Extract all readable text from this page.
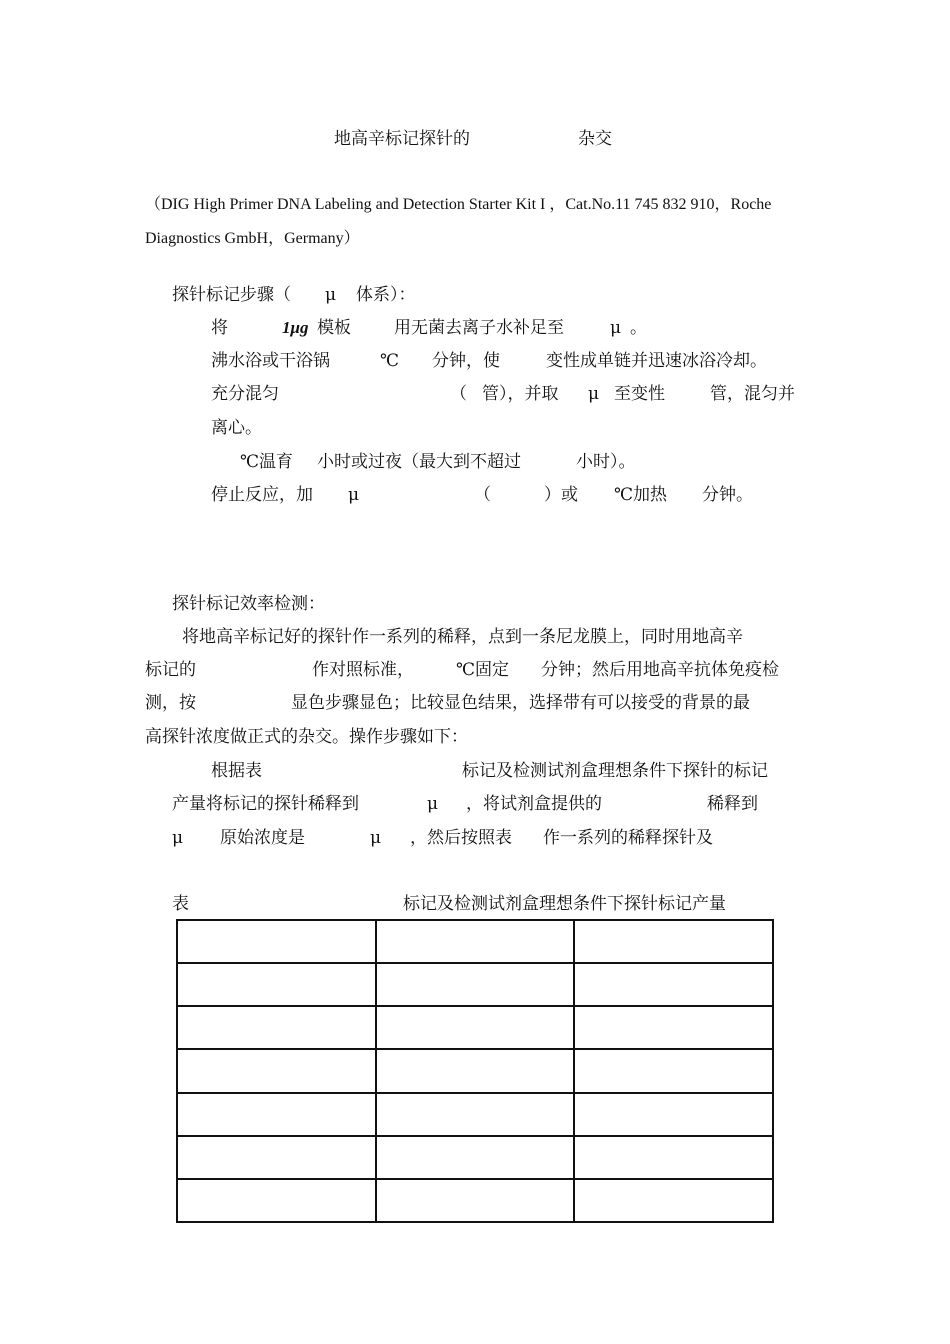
地高辛标记探针的	杂交
（DIG High Primer DNA Labeling and Detection Starter Kit I ，Cat.No.11 745 832 910，Roche
Diagnostics GmbH，Germany）
探针标记步骤（ μ 体系）：
将	1μg 模板	用无菌去离子水补足至	μ 。
沸水浴或干浴锅	℃ 分钟，使	变性成单链并迅速冰浴冷却。
充分混匀	（ 管），并取 μ 至变性	管，混匀并
离心。
℃温育 小时或过夜（最大到不超过	小时）。
停止反应，加 μ	（	）或 ℃加热 分钟。
探针标记效率检测：
将地高辛标记好的探针作一系列的稀释，点到一条尼龙膜上，同时用地高辛
标记的	作对照标准， ℃固定 分钟；然后用地高辛抗体免疫检
测，按	显色步骤显色；比较显色结果，选择带有可以接受的背景的最
高探针浓度做正式的杂交。操作步骤如下：
根据表	标记及检测试剂盒理想条件下探针的标记
产量将标记的探针稀释到	μ ，将试剂盒提供的	稀释到
μ 原始浓度是	μ ，然后按照表 作一系列的稀释探针及
表	标记及检测试剂盒理想条件下探针标记产量
